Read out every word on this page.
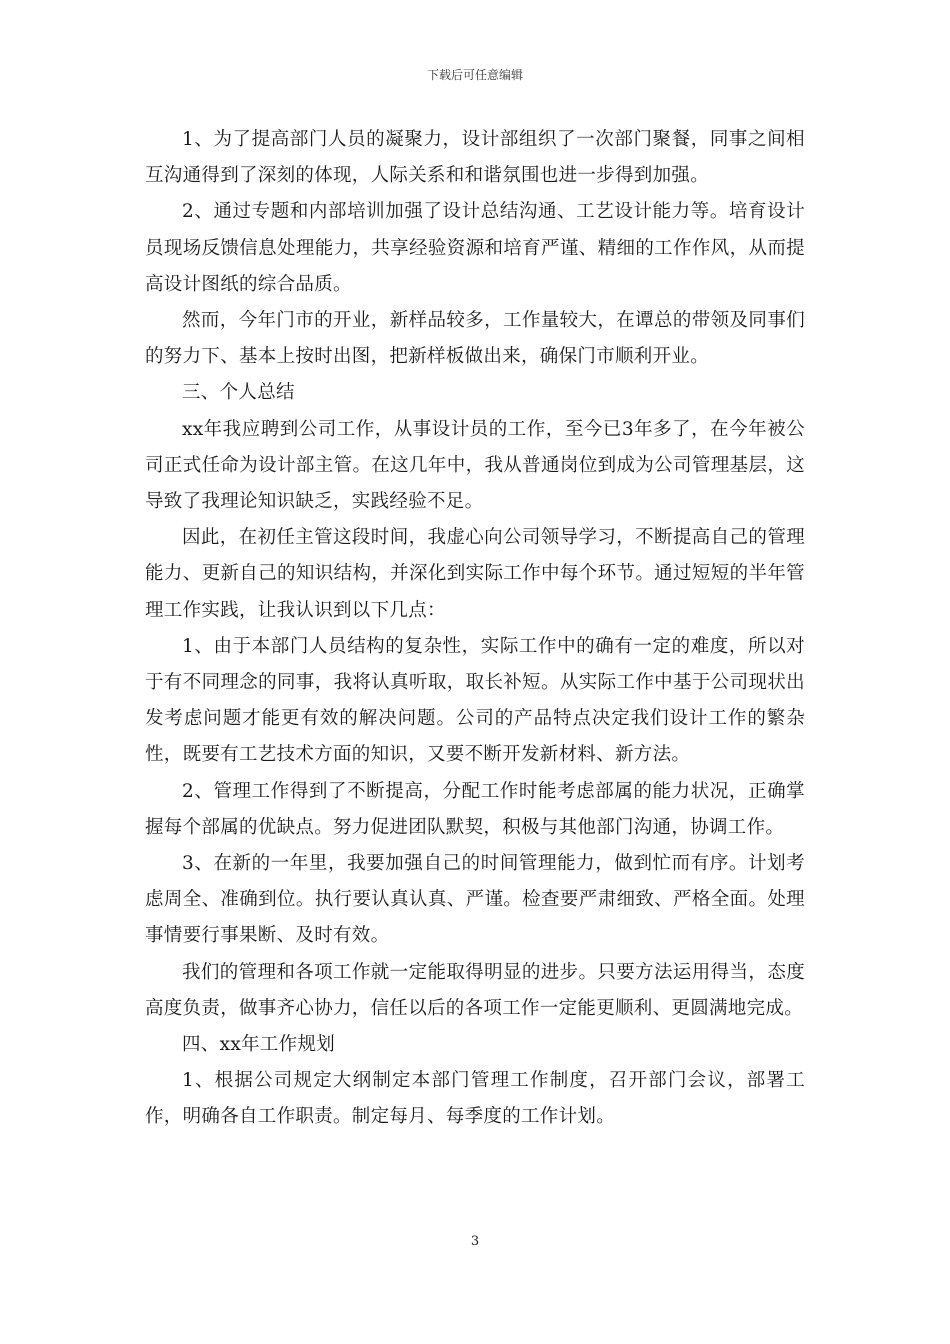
下载后可任意编辑

1、为了提高部门人员的凝聚力，设计部组织了一次部门聚餐，同事之间相互沟通得到了深刻的体现，人际关系和和谐氛围也进一步得到加强。

2、通过专题和内部培训加强了设计总结沟通、工艺设计能力等。培育设计员现场反馈信息处理能力，共享经验资源和培育严谨、精细的工作作风，从而提高设计图纸的综合品质。

然而，今年门市的开业，新样品较多，工作量较大，在谭总的带领及同事们的努力下、基本上按时出图，把新样板做出来，确保门市顺利开业。

三、个人总结

xx年我应聘到公司工作，从事设计员的工作，至今已3年多了，在今年被公司正式任命为设计部主管。在这几年中，我从普通岗位到成为公司管理基层，这导致了我理论知识缺乏，实践经验不足。

因此，在初任主管这段时间，我虚心向公司领导学习，不断提高自己的管理能力、更新自己的知识结构，并深化到实际工作中每个环节。通过短短的半年管理工作实践，让我认识到以下几点：

1、由于本部门人员结构的复杂性，实际工作中的确有一定的难度，所以对于有不同理念的同事，我将认真听取，取长补短。从实际工作中基于公司现状出发考虑问题才能更有效的解决问题。公司的产品特点决定我们设计工作的繁杂性，既要有工艺技术方面的知识，又要不断开发新材料、新方法。

2、管理工作得到了不断提高，分配工作时能考虑部属的能力状况，正确掌握每个部属的优缺点。努力促进团队默契，积极与其他部门沟通，协调工作。

3、在新的一年里，我要加强自己的时间管理能力，做到忙而有序。计划考虑周全、准确到位。执行要认真认真、严谨。检查要严肃细致、严格全面。处理事情要行事果断、及时有效。

我们的管理和各项工作就一定能取得明显的进步。只要方法运用得当，态度高度负责，做事齐心协力，信任以后的各项工作一定能更顺利、更圆满地完成。

四、xx年工作规划

1、根据公司规定大纲制定本部门管理工作制度，召开部门会议，部署工作，明确各自工作职责。制定每月、每季度的工作计划。

3
